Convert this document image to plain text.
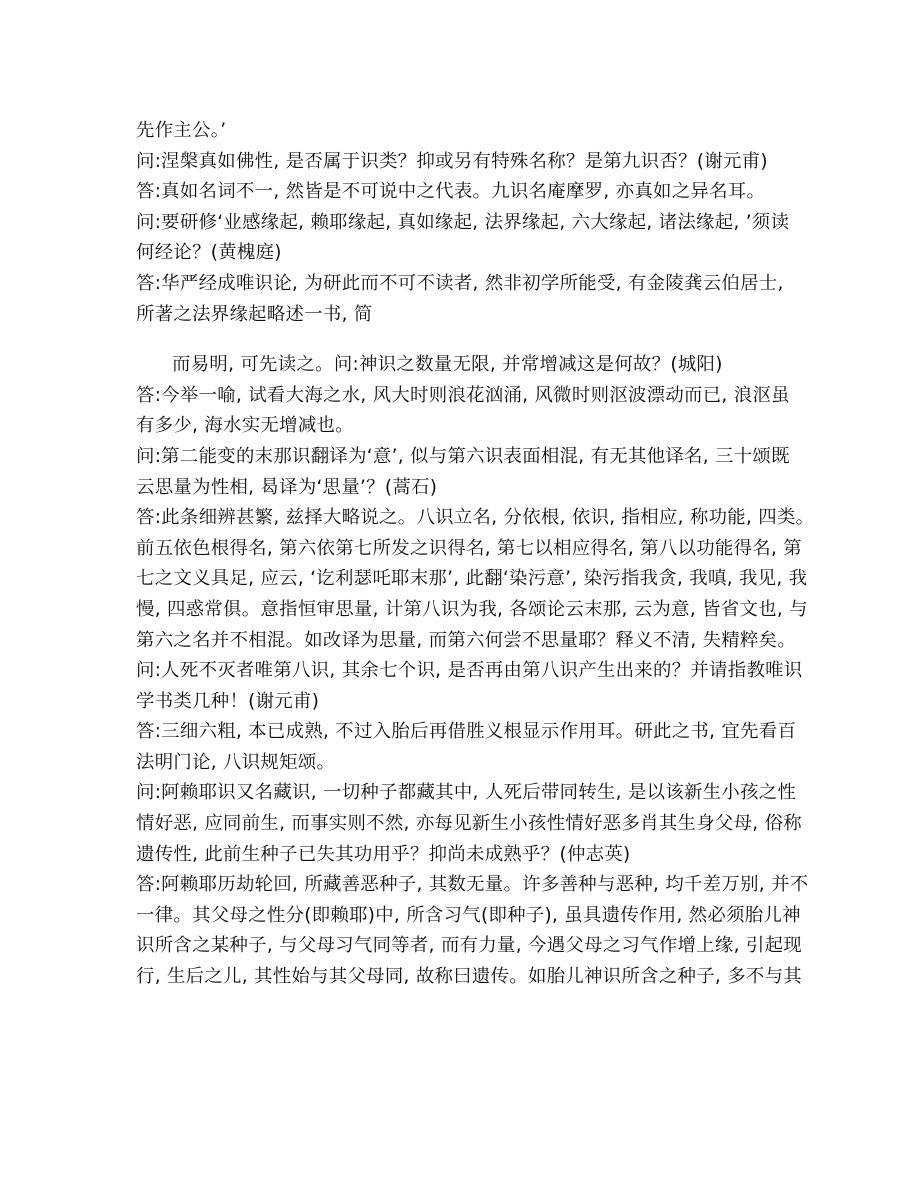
先作主公。’
问:涅槃真如佛性, 是否属于识类？抑或另有特殊名称？是第九识否？(谢元甫)
答:真如名词不一, 然皆是不可说中之代表。九识名庵摩罗, 亦真如之异名耳。
问:要研修‘业感缘起, 赖耶缘起, 真如缘起, 法界缘起, 六大缘起, 诸法缘起, ’须读
何经论？(黄槐庭)
答:华严经成唯识论, 为研此而不可不读者, 然非初学所能受, 有金陵龚云伯居士,
所著之法界缘起略述一书, 简
而易明, 可先读之。问:神识之数量无限, 并常增减这是何故？(城阳)
答:今举一喻, 试看大海之水, 风大时则浪花汹涌, 风微时则沤波漂动而已, 浪沤虽
有多少, 海水实无增减也。
问:第二能变的末那识翻译为‘意’, 似与第六识表面相混, 有无其他译名, 三十颂既
云思量为性相, 曷译为‘思量’？(蒿石)
答:此条细辨甚繁, 兹择大略说之。八识立名, 分依根, 依识, 指相应, 称功能, 四类。
前五依色根得名, 第六依第七所发之识得名, 第七以相应得名, 第八以功能得名, 第
七之文义具足, 应云, ‘讫利瑟吒耶末那’, 此翻‘染污意’, 染污指我贪, 我嗔, 我见, 我
慢, 四惑常俱。意指恒审思量, 计第八识为我, 各颂论云末那, 云为意, 皆省文也, 与
第六之名并不相混。如改译为思量, 而第六何尝不思量耶？释义不清, 失精粹矣。
问:人死不灭者唯第八识, 其余七个识, 是否再由第八识产生出来的？并请指教唯识
学书类几种！(谢元甫)
答:三细六粗, 本已成熟, 不过入胎后再借胜义根显示作用耳。研此之书, 宜先看百
法明门论, 八识规矩颂。
问:阿赖耶识又名藏识, 一切种子都藏其中, 人死后带同转生, 是以该新生小孩之性
情好恶, 应同前生, 而事实则不然, 亦每见新生小孩性情好恶多肖其生身父母, 俗称
遗传性, 此前生种子已失其功用乎？抑尚未成熟乎？(仲志英)
答:阿赖耶历劫轮回, 所藏善恶种子, 其数无量。许多善种与恶种, 均千差万别, 并不
一律。其父母之性分(即赖耶)中, 所含习气(即种子), 虽具遗传作用, 然必须胎儿神
识所含之某种子, 与父母习气同等者, 而有力量, 今遇父母之习气作增上缘, 引起现
行, 生后之儿, 其性始与其父母同, 故称曰遗传。如胎儿神识所含之种子, 多不与其
